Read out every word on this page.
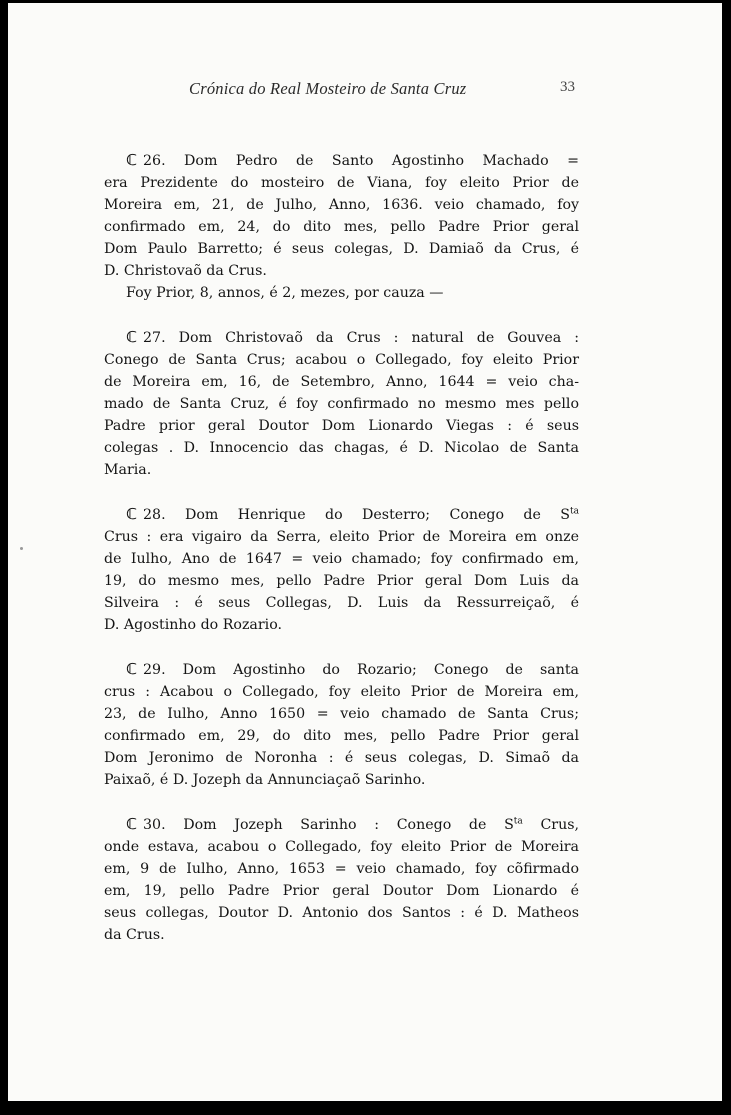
Crónica do Real Mosteiro de Santa Cruz	33
ℂ 26. Dom Pedro de Santo Agostinho Machado =
era Prezidente do mosteiro de Viana, foy eleito Prior de
Moreira em, 21, de Julho, Anno, 1636. veio chamado, foy
confirmado em, 24, do dito mes, pello Padre Prior geral
Dom Paulo Barretto; é seus colegas, D. Damiaõ da Crus, é
D. Christovaõ da Crus.
Foy Prior, 8, annos, é 2, mezes, por cauza —
ℂ 27. Dom Christovaõ da Crus : natural de Gouvea :
Conego de Santa Crus; acabou o Collegado, foy eleito Prior
de Moreira em, 16, de Setembro, Anno, 1644 = veio cha-
mado de Santa Cruz, é foy confirmado no mesmo mes pello
Padre prior geral Doutor Dom Lionardo Viegas : é seus
colegas . D. Innocencio das chagas, é D. Nicolao de Santa
Maria.
ℂ 28. Dom Henrique do Desterro; Conego de $S^{ta}$
Crus : era vigairo da Serra, eleito Prior de Moreira em onze
de Iulho, Ano de 1647 = veio chamado; foy confirmado em,
19, do mesmo mes, pello Padre Prior geral Dom Luis da
Silveira : é seus Collegas, D. Luis da Ressurreiçaõ, é
D. Agostinho do Rozario.
ℂ 29. Dom Agostinho do Rozario; Conego de santa
crus : Acabou o Collegado, foy eleito Prior de Moreira em,
23, de Iulho, Anno 1650 = veio chamado de Santa Crus;
confirmado em, 29, do dito mes, pello Padre Prior geral
Dom Jeronimo de Noronha : é seus colegas, D. Simaõ da
Paixaõ, é D. Jozeph da Annunciaçaõ Sarinho.
ℂ 30. Dom Jozeph Sarinho : Conego de $S^{ta}$ Crus,
onde estava, acabou o Collegado, foy eleito Prior de Moreira
em, 9 de Iulho, Anno, 1653 = veio chamado, foy cõfirmado
em, 19, pello Padre Prior geral Doutor Dom Lionardo é
seus collegas, Doutor D. Antonio dos Santos : é D. Matheos
da Crus.
